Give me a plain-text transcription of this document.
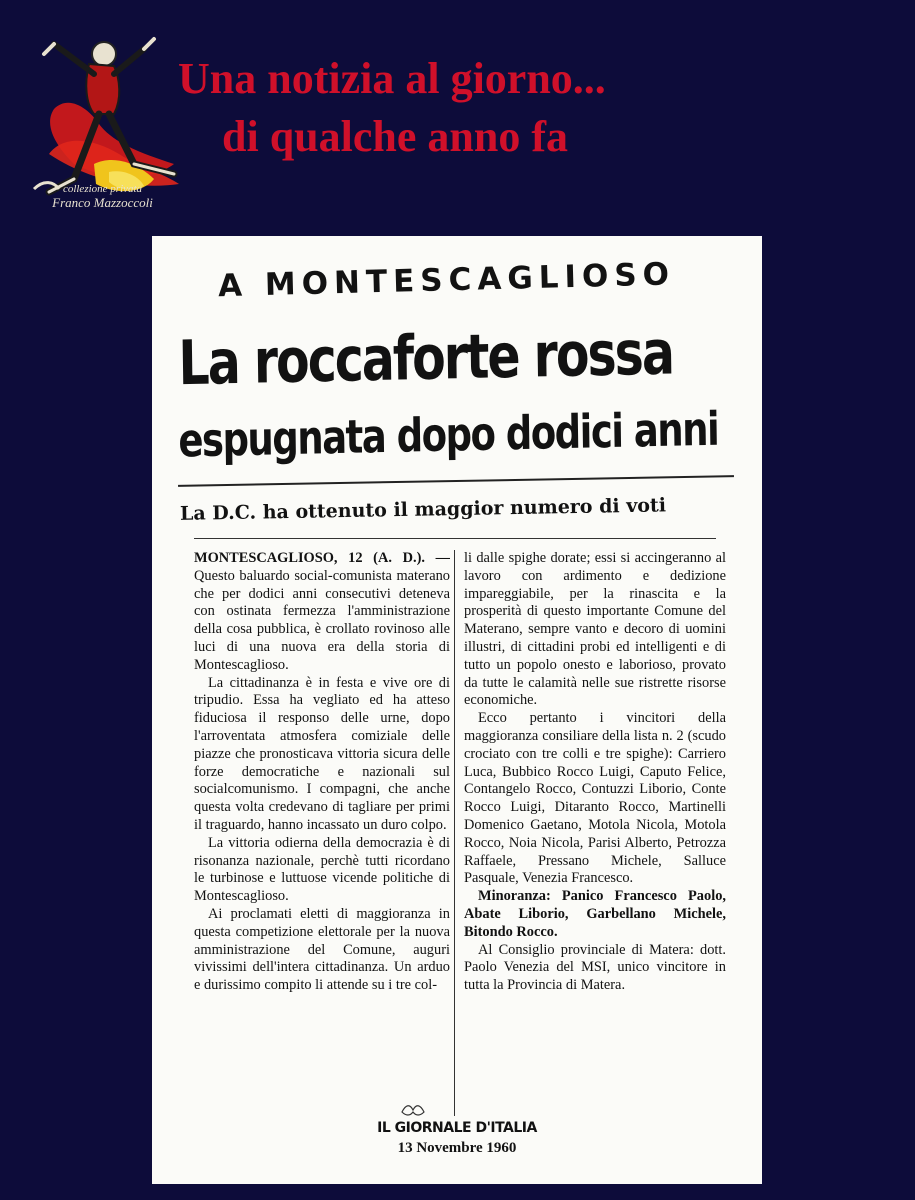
collezione privata
Franco Mazzoccoli
Una notizia al giorno...
di qualche anno fa
A MONTESCAGLIOSO
La roccaforte rossa
espugnata dopo dodici anni
La D.C. ha ottenuto il maggior numero di voti

MONTESCAGLIOSO, 12 (A. D.). — Questo baluardo social-comunista materano che per dodici anni consecutivi deteneva con ostinata fermezza l'amministrazione della cosa pubblica, è crollato rovinoso alle luci di una nuova era della storia di Montescaglioso.

La cittadinanza è in festa e vive ore di tripudio. Essa ha vegliato ed ha atteso fiduciosa il responso delle urne, dopo l'arroventata atmosfera comiziale delle piazze che pronosticava vittoria sicura delle forze democratiche e nazionali sul socialcomunismo. I compagni, che anche questa volta credevano di tagliare per primi il traguardo, hanno incassato un duro colpo.

La vittoria odierna della democrazia è di risonanza nazionale, perchè tutti ricordano le turbinose e luttuose vicende politiche di Montescaglioso.

Ai proclamati eletti di maggioranza in questa competizione elettorale per la nuova amministrazione del Comune, auguri vivissimi dell'intera cittadinanza. Un arduo e durissimo compito li attende su i tre col-

li dalle spighe dorate; essi si accingeranno al lavoro con ardimento e dedizione impareggiabile, per la rinascita e la prosperità di questo importante Comune del Materano, sempre vanto e decoro di uomini illustri, di cittadini probi ed intelligenti e di tutto un popolo onesto e laborioso, provato da tutte le calamità nelle sue ristrette risorse economiche.

Ecco pertanto i vincitori della maggioranza consiliare della lista n. 2 (scudo crociato con tre colli e tre spighe): Carriero Luca, Bubbico Rocco Luigi, Caputo Felice, Contangelo Rocco, Contuzzi Liborio, Conte Rocco Luigi, Ditaranto Rocco, Martinelli Domenico Gaetano, Motola Nicola, Motola Rocco, Noia Nicola, Parisi Alberto, Petrozza Raffaele, Pressano Michele, Salluce Pasquale, Venezia Francesco.

Minoranza: Panico Francesco Paolo, Abate Liborio, Garbellano Michele, Bitondo Rocco.

Al Consiglio provinciale di Matera: dott. Paolo Venezia del MSI, unico vincitore in tutta la Provincia di Matera.

IL GIORNALE D'ITALIA
13 Novembre 1960
